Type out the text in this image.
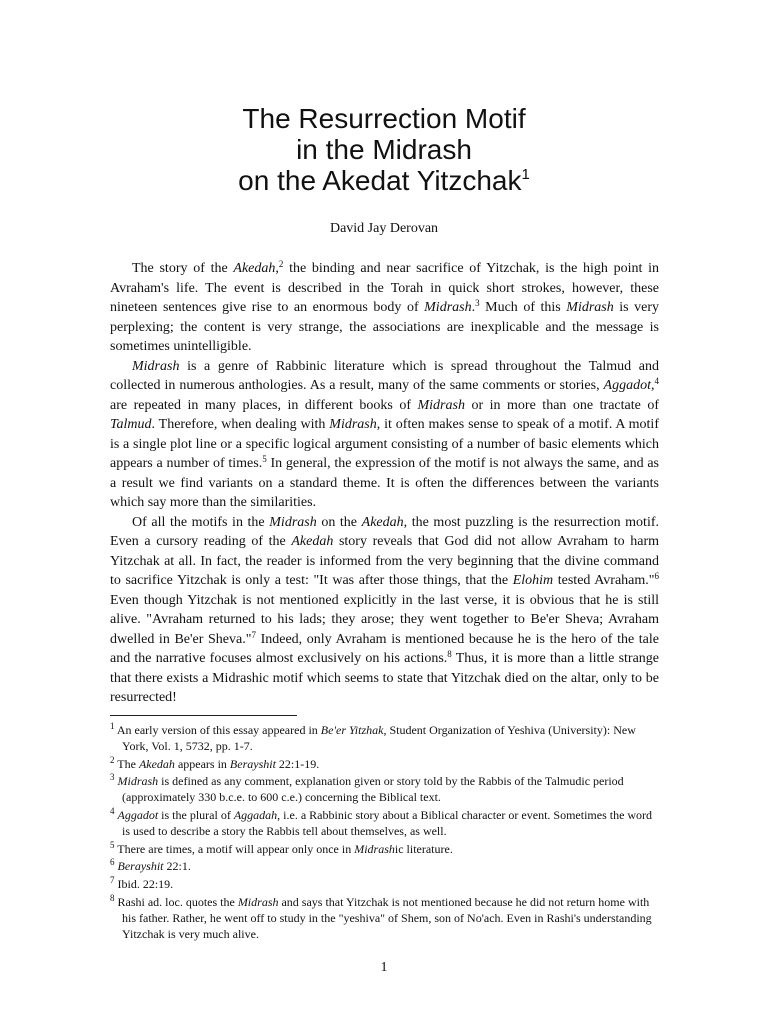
The Resurrection Motif
in the Midrash
on the Akedat Yitzchak$^1$
David Jay Derovan

The story of the Akedah,$^2$ the binding and near sacrifice of Yitzchak, is the high point in Avraham's life. The event is described in the Torah in quick short strokes, however, these nineteen sentences give rise to an enormous body of Midrash.$^3$ Much of this Midrash is very perplexing; the content is very strange, the associations are inexplicable and the message is sometimes unintelligible.

Midrash is a genre of Rabbinic literature which is spread throughout the Talmud and collected in numerous anthologies. As a result, many of the same comments or stories, Aggadot,$^4$ are repeated in many places, in different books of Midrash or in more than one tractate of Talmud. Therefore, when dealing with Midrash, it often makes sense to speak of a motif. A motif is a single plot line or a specific logical argument consisting of a number of basic elements which appears a number of times.$^5$ In general, the expression of the motif is not always the same, and as a result we find variants on a standard theme. It is often the differences between the variants which say more than the similarities.

Of all the motifs in the Midrash on the Akedah, the most puzzling is the resurrection motif. Even a cursory reading of the Akedah story reveals that God did not allow Avraham to harm Yitzchak at all. In fact, the reader is informed from the very beginning that the divine command to sacrifice Yitzchak is only a test: "It was after those things, that the Elohim tested Avraham."$^6$ Even though Yitzchak is not mentioned explicitly in the last verse, it is obvious that he is still alive. "Avraham returned to his lads; they arose; they went together to Be'er Sheva; Avraham dwelled in Be'er Sheva."$^7$ Indeed, only Avraham is mentioned because he is the hero of the tale and the narrative focuses almost exclusively on his actions.$^8$ Thus, it is more than a little strange that there exists a Midrashic motif which seems to state that Yitzchak died on the altar, only to be resurrected!

$^1$ An early version of this essay appeared in Be'er Yitzhak, Student Organization of Yeshiva (University): New York, Vol. 1, 5732, pp. 1-7.

$^2$ The Akedah appears in Berayshit 22:1-19.

$^3$ Midrash is defined as any comment, explanation given or story told by the Rabbis of the Talmudic period (approximately 330 b.c.e. to 600 c.e.) concerning the Biblical text.

$^4$ Aggadot is the plural of Aggadah, i.e. a Rabbinic story about a Biblical character or event. Sometimes the word is used to describe a story the Rabbis tell about themselves, as well.

$^5$ There are times, a motif will appear only once in Midrashic literature.

$^6$ Berayshit 22:1.

$^7$ Ibid. 22:19.

$^8$ Rashi ad. loc. quotes the Midrash and says that Yitzchak is not mentioned because he did not return home with his father. Rather, he went off to study in the "yeshiva" of Shem, son of No'ach. Even in Rashi's understanding Yitzchak is very much alive.

1
